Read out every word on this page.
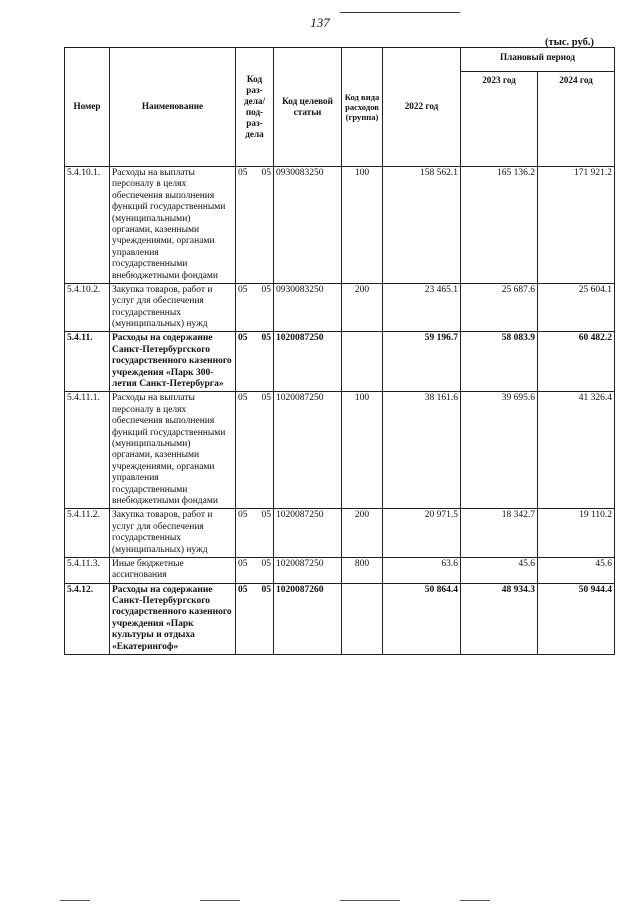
137
(тыс. руб.)
Номер	Наименование	Код раз-дела/ под-раз-дела	Код целевой статьи	Код вида расходов (группа)	2022 год	Плановый период	
						2023 год	2024 год
5.4.10.1.	Расходы на выплаты персоналу в целях обеспечения выполнения функций государственными (муниципальными) органами, казенными учреждениями, органами управления государственными внебюджетными фондами	05 05	0930083250	100	158 562.1	165 136.2	171 921.2
5.4.10.2.	Закупка товаров, работ и услуг для обеспечения государственных (муниципальных) нужд	05 05	0930083250	200	23 465.1	25 687.6	25 604.1
5.4.11.	Расходы на содержание Санкт-Петербургского государственного казенного учреждения «Парк 300-летия Санкт-Петербурга»	05 05	1020087250		59 196.7	58 083.9	60 482.2
5.4.11.1.	Расходы на выплаты персоналу в целях обеспечения выполнения функций государственными (муниципальными) органами, казенными учреждениями, органами управления государственными внебюджетными фондами	05 05	1020087250	100	38 161.6	39 695.6	41 326.4
5.4.11.2.	Закупка товаров, работ и услуг для обеспечения государственных (муниципальных) нужд	05 05	1020087250	200	20 971.5	18 342.7	19 110.2
5.4.11.3.	Иные бюджетные ассигнования	05 05	1020087250	800	63.6	45.6	45.6
5.4.12.	Расходы на содержание Санкт-Петербургского государственного казенного учреждения «Парк культуры и отдыха «Екатерингоф»	05 05	1020087260		50 864.4	48 934.3	50 944.4
